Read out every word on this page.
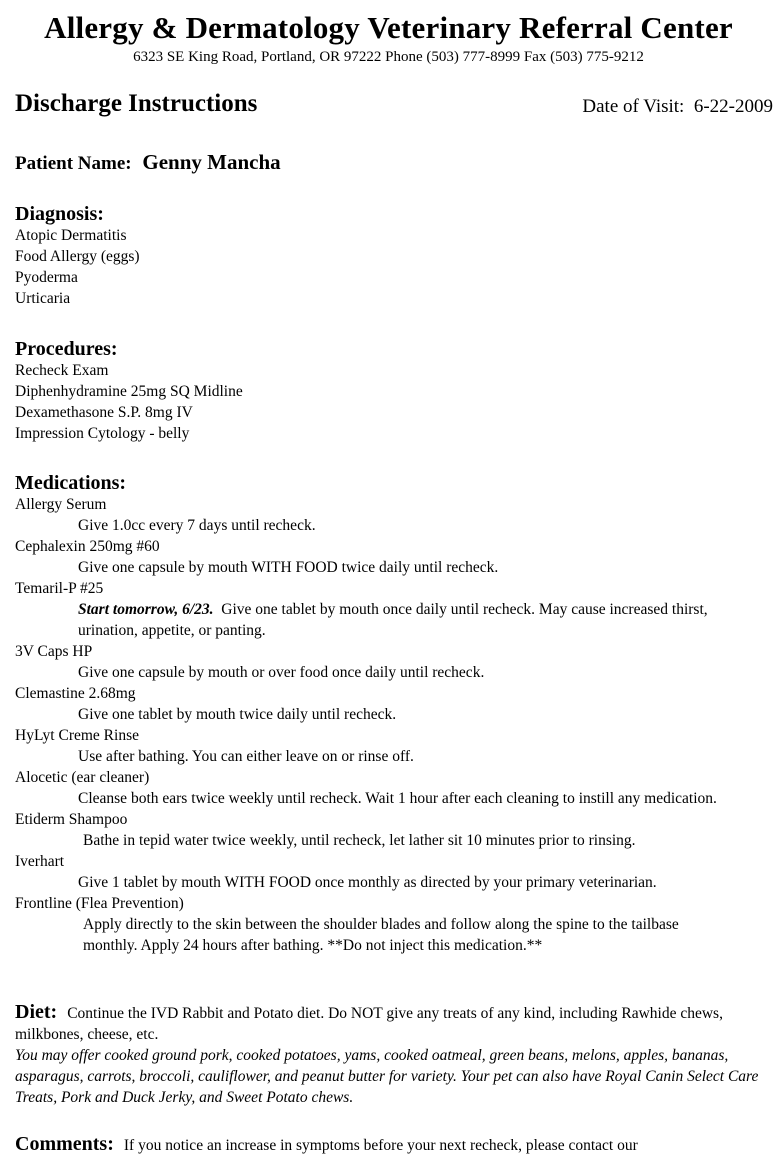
Allergy & Dermatology Veterinary Referral Center
6323 SE King Road, Portland, OR 97222 Phone (503) 777-8999 Fax (503) 775-9212
Discharge Instructions	Date of Visit: 6-22-2009
Patient Name: Genny Mancha
Diagnosis:
Atopic Dermatitis
Food Allergy (eggs)
Pyoderma
Urticaria
Procedures:
Recheck Exam
Diphenhydramine 25mg SQ Midline
Dexamethasone S.P. 8mg IV
Impression Cytology - belly
Medications:
Allergy Serum
Give 1.0cc every 7 days until recheck.
Cephalexin 250mg #60
Give one capsule by mouth WITH FOOD twice daily until recheck.
Temaril-P #25
Start tomorrow, 6/23. Give one tablet by mouth once daily until recheck. May cause increased thirst, urination, appetite, or panting.
3V Caps HP
Give one capsule by mouth or over food once daily until recheck.
Clemastine 2.68mg
Give one tablet by mouth twice daily until recheck.
HyLyt Creme Rinse
Use after bathing. You can either leave on or rinse off.
Alocetic (ear cleaner)
Cleanse both ears twice weekly until recheck. Wait 1 hour after each cleaning to instill any medication.
Etiderm Shampoo
Bathe in tepid water twice weekly, until recheck, let lather sit 10 minutes prior to rinsing.
Iverhart
Give 1 tablet by mouth WITH FOOD once monthly as directed by your primary veterinarian.
Frontline (Flea Prevention)
Apply directly to the skin between the shoulder blades and follow along the spine to the tailbase monthly. Apply 24 hours after bathing. **Do not inject this medication.**
Diet: Continue the IVD Rabbit and Potato diet. Do NOT give any treats of any kind, including Rawhide chews, milkbones, cheese, etc.
You may offer cooked ground pork, cooked potatoes, yams, cooked oatmeal, green beans, melons, apples, bananas, asparagus, carrots, broccoli, cauliflower, and peanut butter for variety. Your pet can also have Royal Canin Select Care Treats, Pork and Duck Jerky, and Sweet Potato chews.
Comments: If you notice an increase in symptoms before your next recheck, please contact our
